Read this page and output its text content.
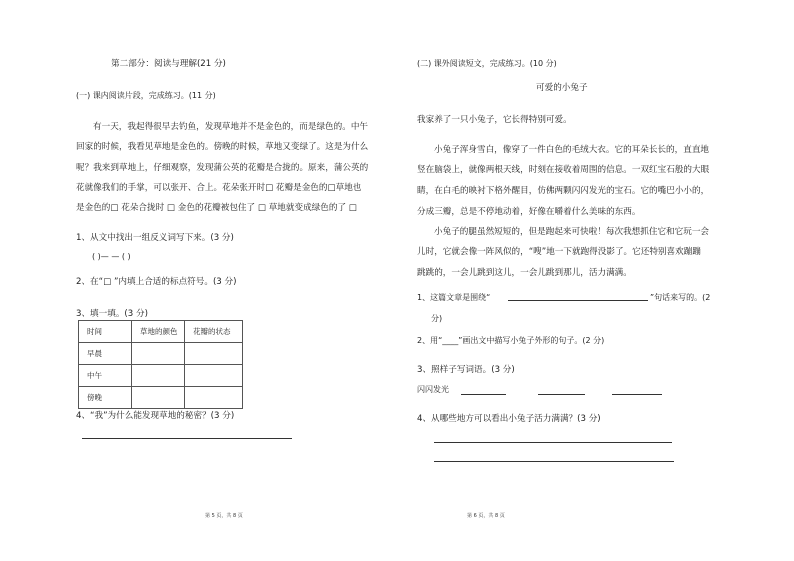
第二部分：阅读与理解(21 分)
(一) 课内阅读片段，完成练习。(11 分)
有一天，我起得很早去钓鱼，发现草地并不是金色的，而是绿色的。中午
回家的时候，我看见草地是金色的。傍晚的时候，草地又变绿了。这是为什么
呢？我来到草地上，仔细观察，发现蒲公英的花瓣是合拢的。原来，蒲公英的
花就像我们的手掌，可以张开、合上。花朵张开时□ 花瓣是金色的□草地也
是金色的□ 花朵合拢时 □ 金色的花瓣被包住了 □ 草地就变成绿色的了 □
1、从文中找出一组反义词写下来。(3 分)
( )— — ( )
2、在“□ ”内填上合适的标点符号。(3 分)
3、填一填。(3 分)
时间	草地的颜色	花瓣的状态
早晨		
中午		
傍晚		
4、“我”为什么能发现草地的秘密？(3 分)
第 5 页，共 8 页
(二) 课外阅读短文，完成练习。(10 分)
可爱的小兔子
我家养了一只小兔子，它长得特别可爱。
小兔子浑身雪白，像穿了一件白色的毛绒大衣。它的耳朵长长的，直直地
竖在脑袋上，就像两根天线，时刻在接收着周围的信息。一双红宝石般的大眼
睛，在白毛的映衬下格外醒目，仿佛两颗闪闪发光的宝石。它的嘴巴小小的，
分成三瓣，总是不停地动着，好像在嚼着什么美味的东西。
小兔子的腿虽然短短的，但是跑起来可快啦！每次我想抓住它和它玩一会
儿时，它就会像一阵风似的，“嗖”地一下就跑得没影了。它还特别喜欢蹦蹦
跳跳的，一会儿跳到这儿，一会儿跳到那儿，活力满满。
1、这篇文章是围绕“	”句话来写的。(2
分)
2、用“____”画出文中描写小兔子外形的句子。(2 分)
3、照样子写词语。(3 分)
闪闪发光
4、从哪些地方可以看出小兔子活力满满？(3 分)
第 6 页，共 8 页
